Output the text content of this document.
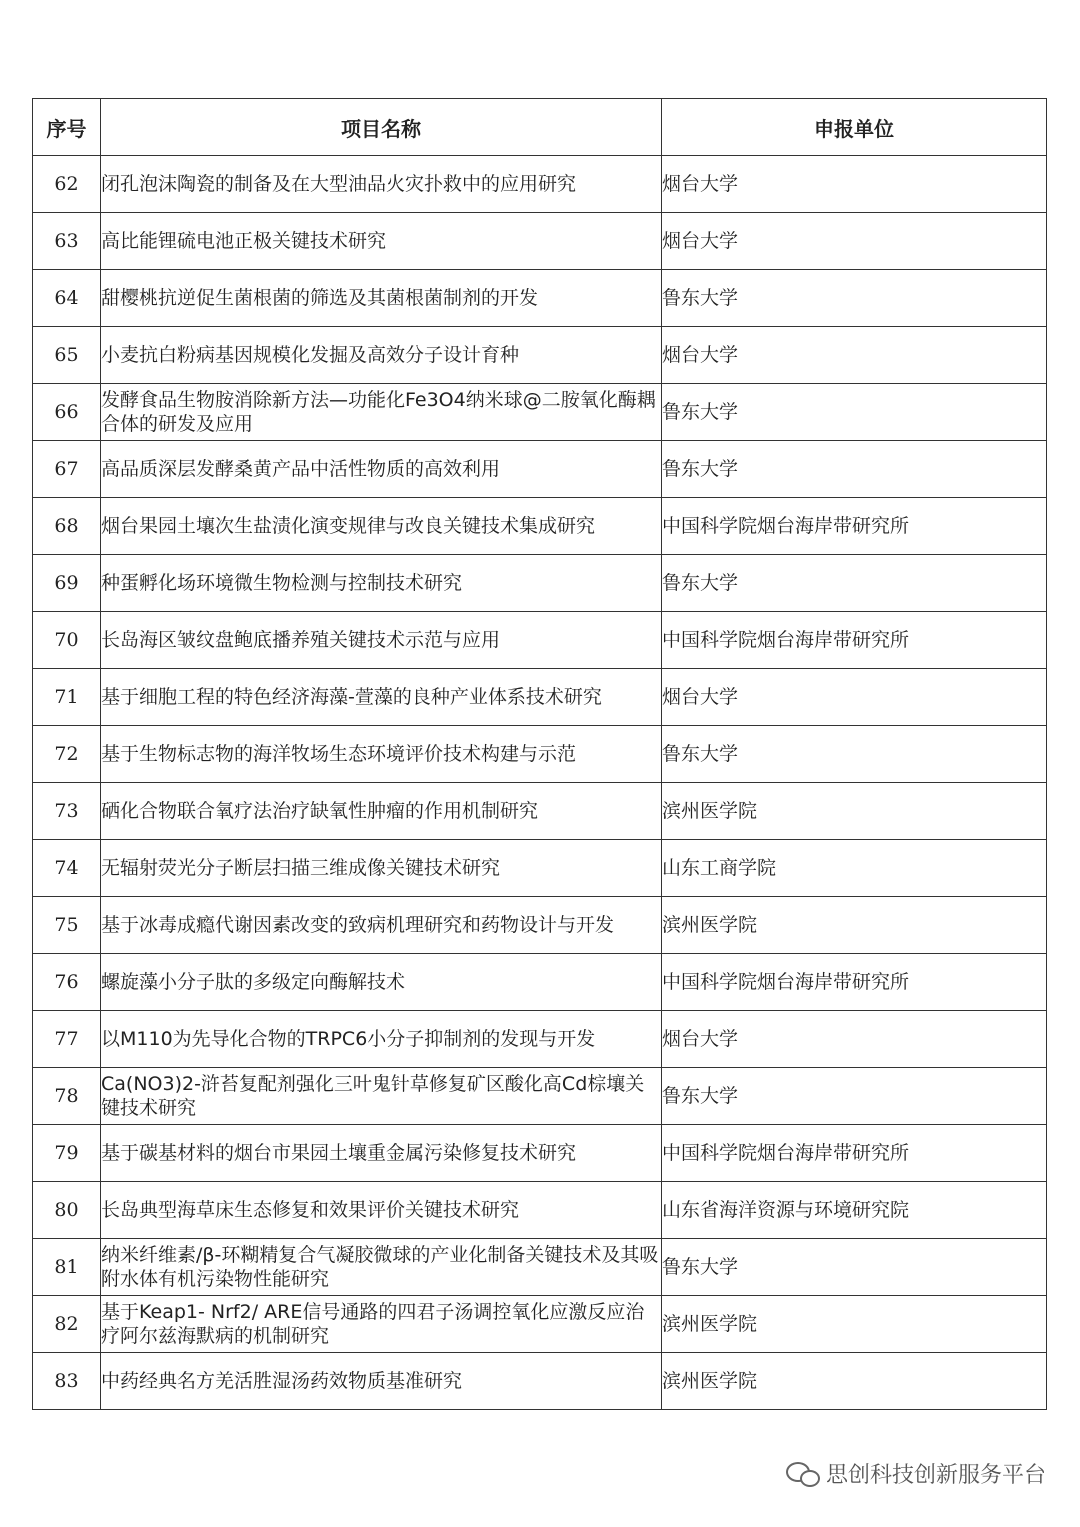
序号	项目名称	申报单位
62	闭孔泡沫陶瓷的制备及在大型油品火灾扑救中的应用研究	烟台大学
63	高比能锂硫电池正极关键技术研究	烟台大学
64	甜樱桃抗逆促生菌根菌的筛选及其菌根菌制剂的开发	鲁东大学
65	小麦抗白粉病基因规模化发掘及高效分子设计育种	烟台大学
66	发酵食品生物胺消除新方法—功能化Fe3O4纳米球@二胺氧化酶耦合体的研发及应用	鲁东大学
67	高品质深层发酵桑黄产品中活性物质的高效利用	鲁东大学
68	烟台果园土壤次生盐渍化演变规律与改良关键技术集成研究	中国科学院烟台海岸带研究所
69	种蛋孵化场环境微生物检测与控制技术研究	鲁东大学
70	长岛海区皱纹盘鲍底播养殖关键技术示范与应用	中国科学院烟台海岸带研究所
71	基于细胞工程的特色经济海藻-萱藻的良种产业体系技术研究	烟台大学
72	基于生物标志物的海洋牧场生态环境评价技术构建与示范	鲁东大学
73	硒化合物联合氧疗法治疗缺氧性肿瘤的作用机制研究	滨州医学院
74	无辐射荧光分子断层扫描三维成像关键技术研究	山东工商学院
75	基于冰毒成瘾代谢因素改变的致病机理研究和药物设计与开发	滨州医学院
76	螺旋藻小分子肽的多级定向酶解技术	中国科学院烟台海岸带研究所
77	以M110为先导化合物的TRPC6小分子抑制剂的发现与开发	烟台大学
78	Ca(NO3)2-浒苔复配剂强化三叶鬼针草修复矿区酸化高Cd棕壤关键技术研究	鲁东大学
79	基于碳基材料的烟台市果园土壤重金属污染修复技术研究	中国科学院烟台海岸带研究所
80	长岛典型海草床生态修复和效果评价关键技术研究	山东省海洋资源与环境研究院
81	纳米纤维素/β-环糊精复合气凝胶微球的产业化制备关键技术及其吸附水体有机污染物性能研究	鲁东大学
82	基于Keap1- Nrf2/ ARE信号通路的四君子汤调控氧化应激反应治疗阿尔兹海默病的机制研究	滨州医学院
83	中药经典名方羌活胜湿汤药效物质基准研究	滨州医学院
思创科技创新服务平台
